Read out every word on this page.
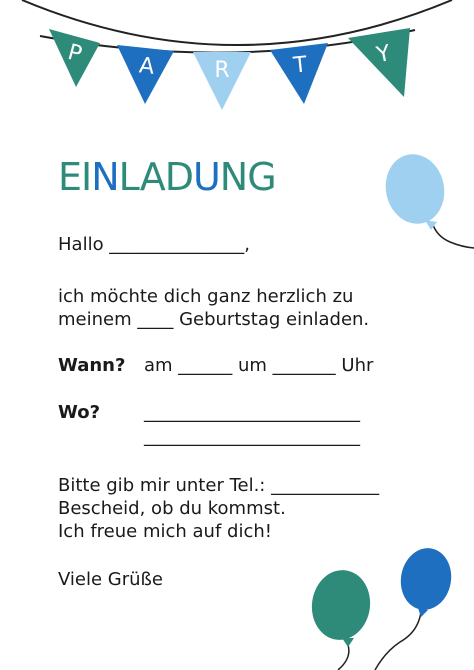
P A	R	T	Y
EINLADUNG
Hallo _______________,
ich möchte dich ganz herzlich zu
meinem ____ Geburtstag einladen.
Wann? am ______ um _______ Uhr
Wo? ________________________
________________________
Bitte gib mir unter Tel.: ____________
Bescheid, ob du kommst.
Ich freue mich auf dich!
Viele Grüße
